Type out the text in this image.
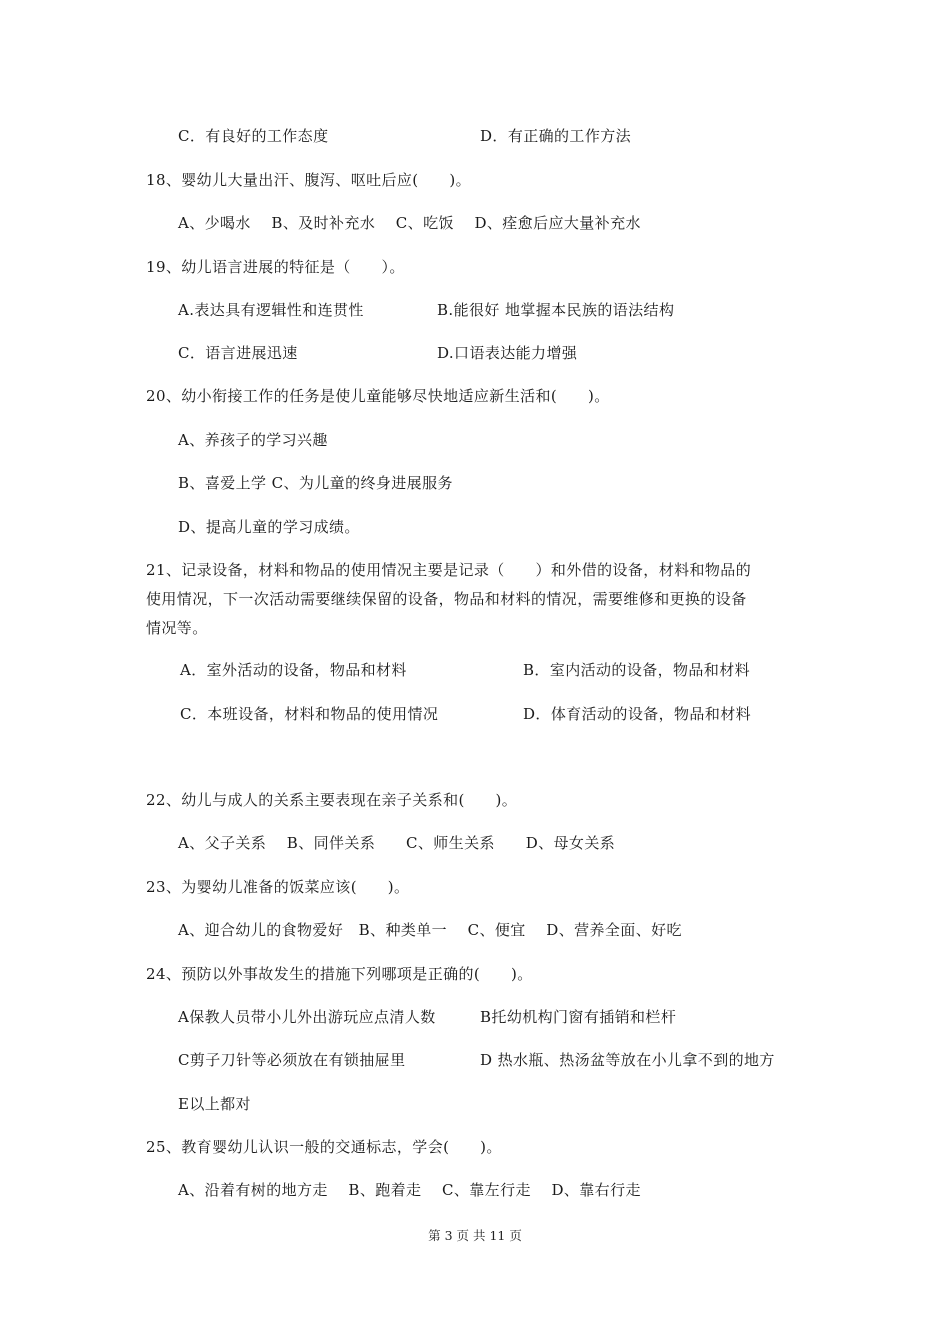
C．有良好的工作态度	D．有正确的工作方法
18、婴幼儿大量出汗、腹泻、呕吐后应(　　)。
A、少喝水　 B、及时补充水　 C、吃饭　 D、痊愈后应大量补充水
19、幼儿语言进展的特征是（　　）。
A.表达具有逻辑性和连贯性	B.能很好 地掌握本民族的语法结构
C．语言进展迅速	D.口语表达能力增强
20、幼小衔接工作的任务是使儿童能够尽快地适应新生活和(　　)。
A、养孩子的学习兴趣
B、喜爱上学 C、为儿童的终身进展服务
D、提高儿童的学习成绩。
21、记录设备，材料和物品的使用情况主要是记录（　　）和外借的设备，材料和物品的
使用情况，下一次活动需要继续保留的设备，物品和材料的情况，需要维修和更换的设备
情况等。
A．室外活动的设备，物品和材料	B．室内活动的设备，物品和材料
C．本班设备，材料和物品的使用情况	D．体育活动的设备，物品和材料
22、幼儿与成人的关系主要表现在亲子关系和(　　)。
A、父子关系　 B、同伴关系　　C、师生关系　　D、母女关系
23、为婴幼儿准备的饭菜应该(　　)。
A、迎合幼儿的食物爱好　B、种类单一　 C、便宜　 D、营养全面、好吃
24、预防以外事故发生的措施下列哪项是正确的(　　)。
A保教人员带小儿外出游玩应点清人数	B托幼机构门窗有插销和栏杆
C剪子刀针等必须放在有锁抽屉里	D 热水瓶、热汤盆等放在小儿拿不到的地方
E以上都对
25、教育婴幼儿认识一般的交通标志，学会(　　)。
A、沿着有树的地方走　 B、跑着走　 C、靠左行走　 D、靠右行走
第 3 页 共 11 页
